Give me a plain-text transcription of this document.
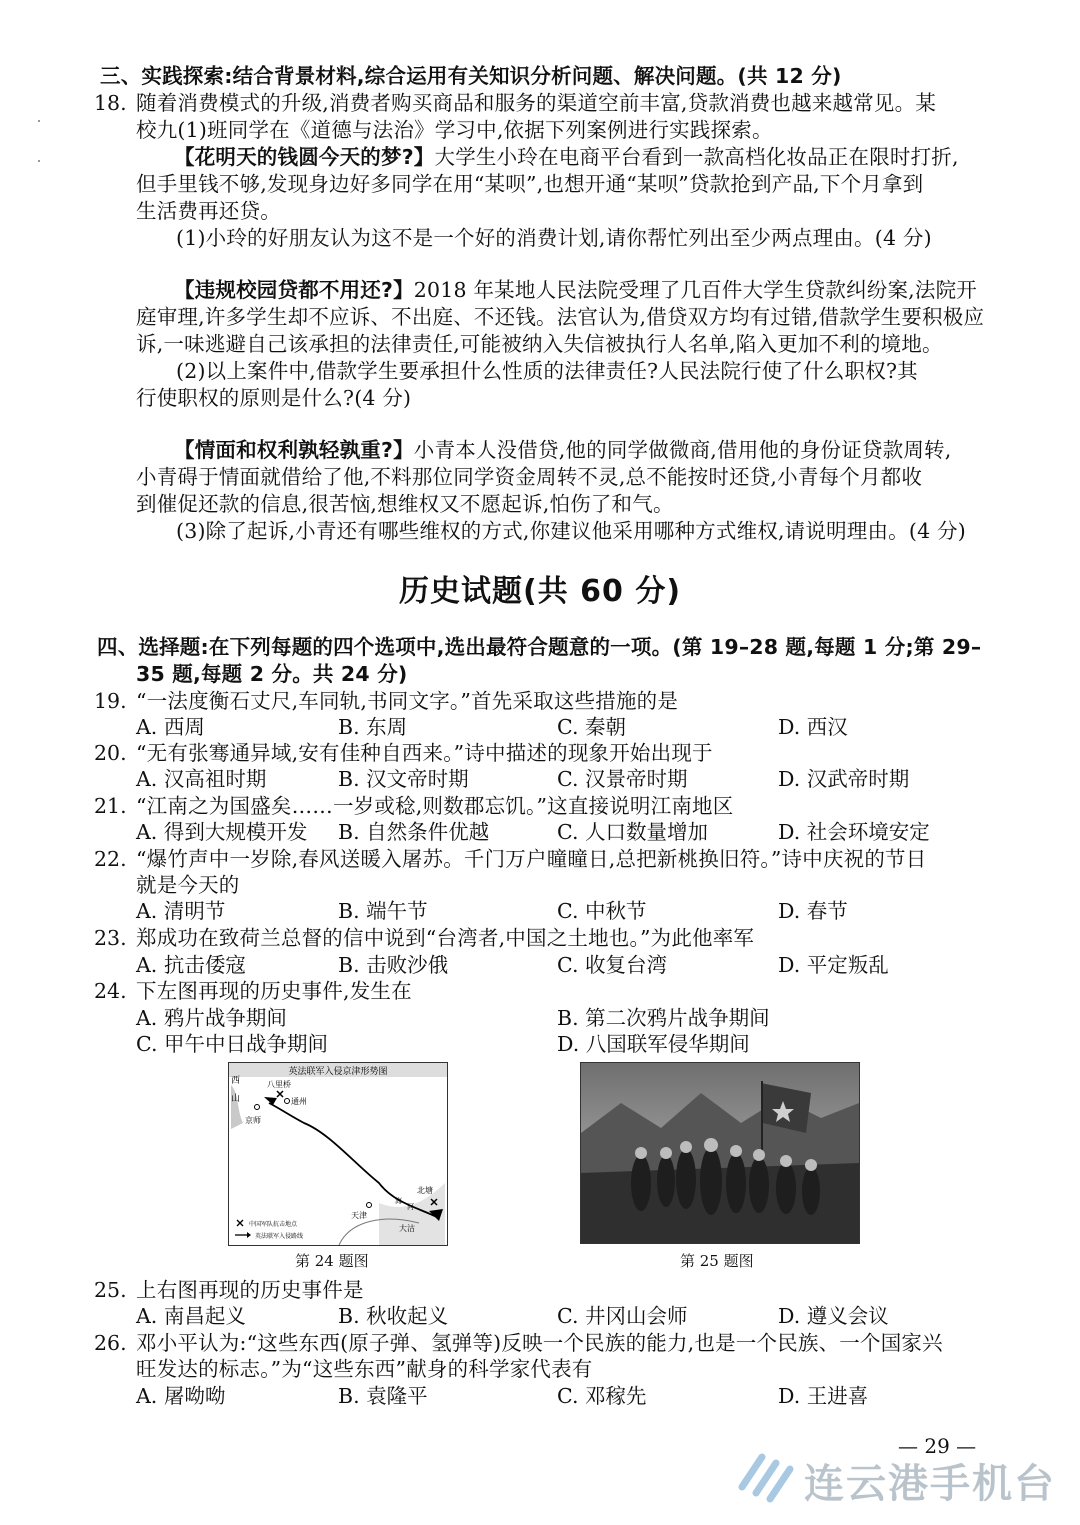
三、实践探索:结合背景材料,综合运用有关知识分析问题、解决问题。(共 12 分)
18. 随着消费模式的升级,消费者购买商品和服务的渠道空前丰富,贷款消费也越来越常见。某
校九(1)班同学在《道德与法治》学习中,依据下列案例进行实践探索。
【花明天的钱圆今天的梦?】大学生小玲在电商平台看到一款高档化妆品正在限时打折,
但手里钱不够,发现身边好多同学在用“某呗”,也想开通“某呗”贷款抢到产品,下个月拿到
生活费再还贷。
(1)小玲的好朋友认为这不是一个好的消费计划,请你帮忙列出至少两点理由。(4 分)
【违规校园贷都不用还?】2018 年某地人民法院受理了几百件大学生贷款纠纷案,法院开
庭审理,许多学生却不应诉、不出庭、不还钱。法官认为,借贷双方均有过错,借款学生要积极应
诉,一味逃避自己该承担的法律责任,可能被纳入失信被执行人名单,陷入更加不利的境地。
(2)以上案件中,借款学生要承担什么性质的法律责任?人民法院行使了什么职权?其
行使职权的原则是什么?(4 分)
【情面和权利孰轻孰重?】小青本人没借贷,他的同学做微商,借用他的身份证贷款周转,
小青碍于情面就借给了他,不料那位同学资金周转不灵,总不能按时还贷,小青每个月都收
到催促还款的信息,很苦恼,想维权又不愿起诉,怕伤了和气。
(3)除了起诉,小青还有哪些维权的方式,你建议他采用哪种方式维权,请说明理由。(4 分)
历史试题(共 60 分)
四、选择题:在下列每题的四个选项中,选出最符合题意的一项。(第 19–28 题,每题 1 分;第 29–
35 题,每题 2 分。共 24 分)
19. “一法度衡石丈尺,车同轨,书同文字。”首先采取这些措施的是
A. 西周	B. 东周	C. 秦朝	D. 西汉
20. “无有张骞通异域,安有佳种自西来。”诗中描述的现象开始出现于
A. 汉高祖时期	B. 汉文帝时期	C. 汉景帝时期	D. 汉武帝时期
21. “江南之为国盛矣……一岁或稔,则数郡忘饥。”这直接说明江南地区
A. 得到大规模开发 B. 自然条件优越	C. 人口数量增加	D. 社会环境安定
22. “爆竹声中一岁除,春风送暖入屠苏。千门万户曈曈日,总把新桃换旧符。”诗中庆祝的节日
就是今天的
A. 清明节	B. 端午节	C. 中秋节	D. 春节
23. 郑成功在致荷兰总督的信中说到“台湾者,中国之土地也。”为此他率军
A. 抗击倭寇	B. 击败沙俄	C. 收复台湾	D. 平定叛乱
24. 下左图再现的历史事件,发生在
A. 鸦片战争期间	B. 第二次鸦片战争期间
C. 甲午中日战争期间	D. 八国联军侵华期间
英法联军入侵京津形势图
西
山
八里桥
通州
京师
天津
北塘
海
河
大沽
中国军队抗击地点
英法联军入侵路线
第 24 题图	第 25 题图
25. 上右图再现的历史事件是
A. 南昌起义	B. 秋收起义	C. 井冈山会师	D. 遵义会议
26. 邓小平认为:“这些东西(原子弹、氢弹等)反映一个民族的能力,也是一个民族、一个国家兴
旺发达的标志。”为“这些东西”献身的科学家代表有
A. 屠呦呦	B. 袁隆平	C. 邓稼先	D. 王进喜
— 29 —
连云港手机台
